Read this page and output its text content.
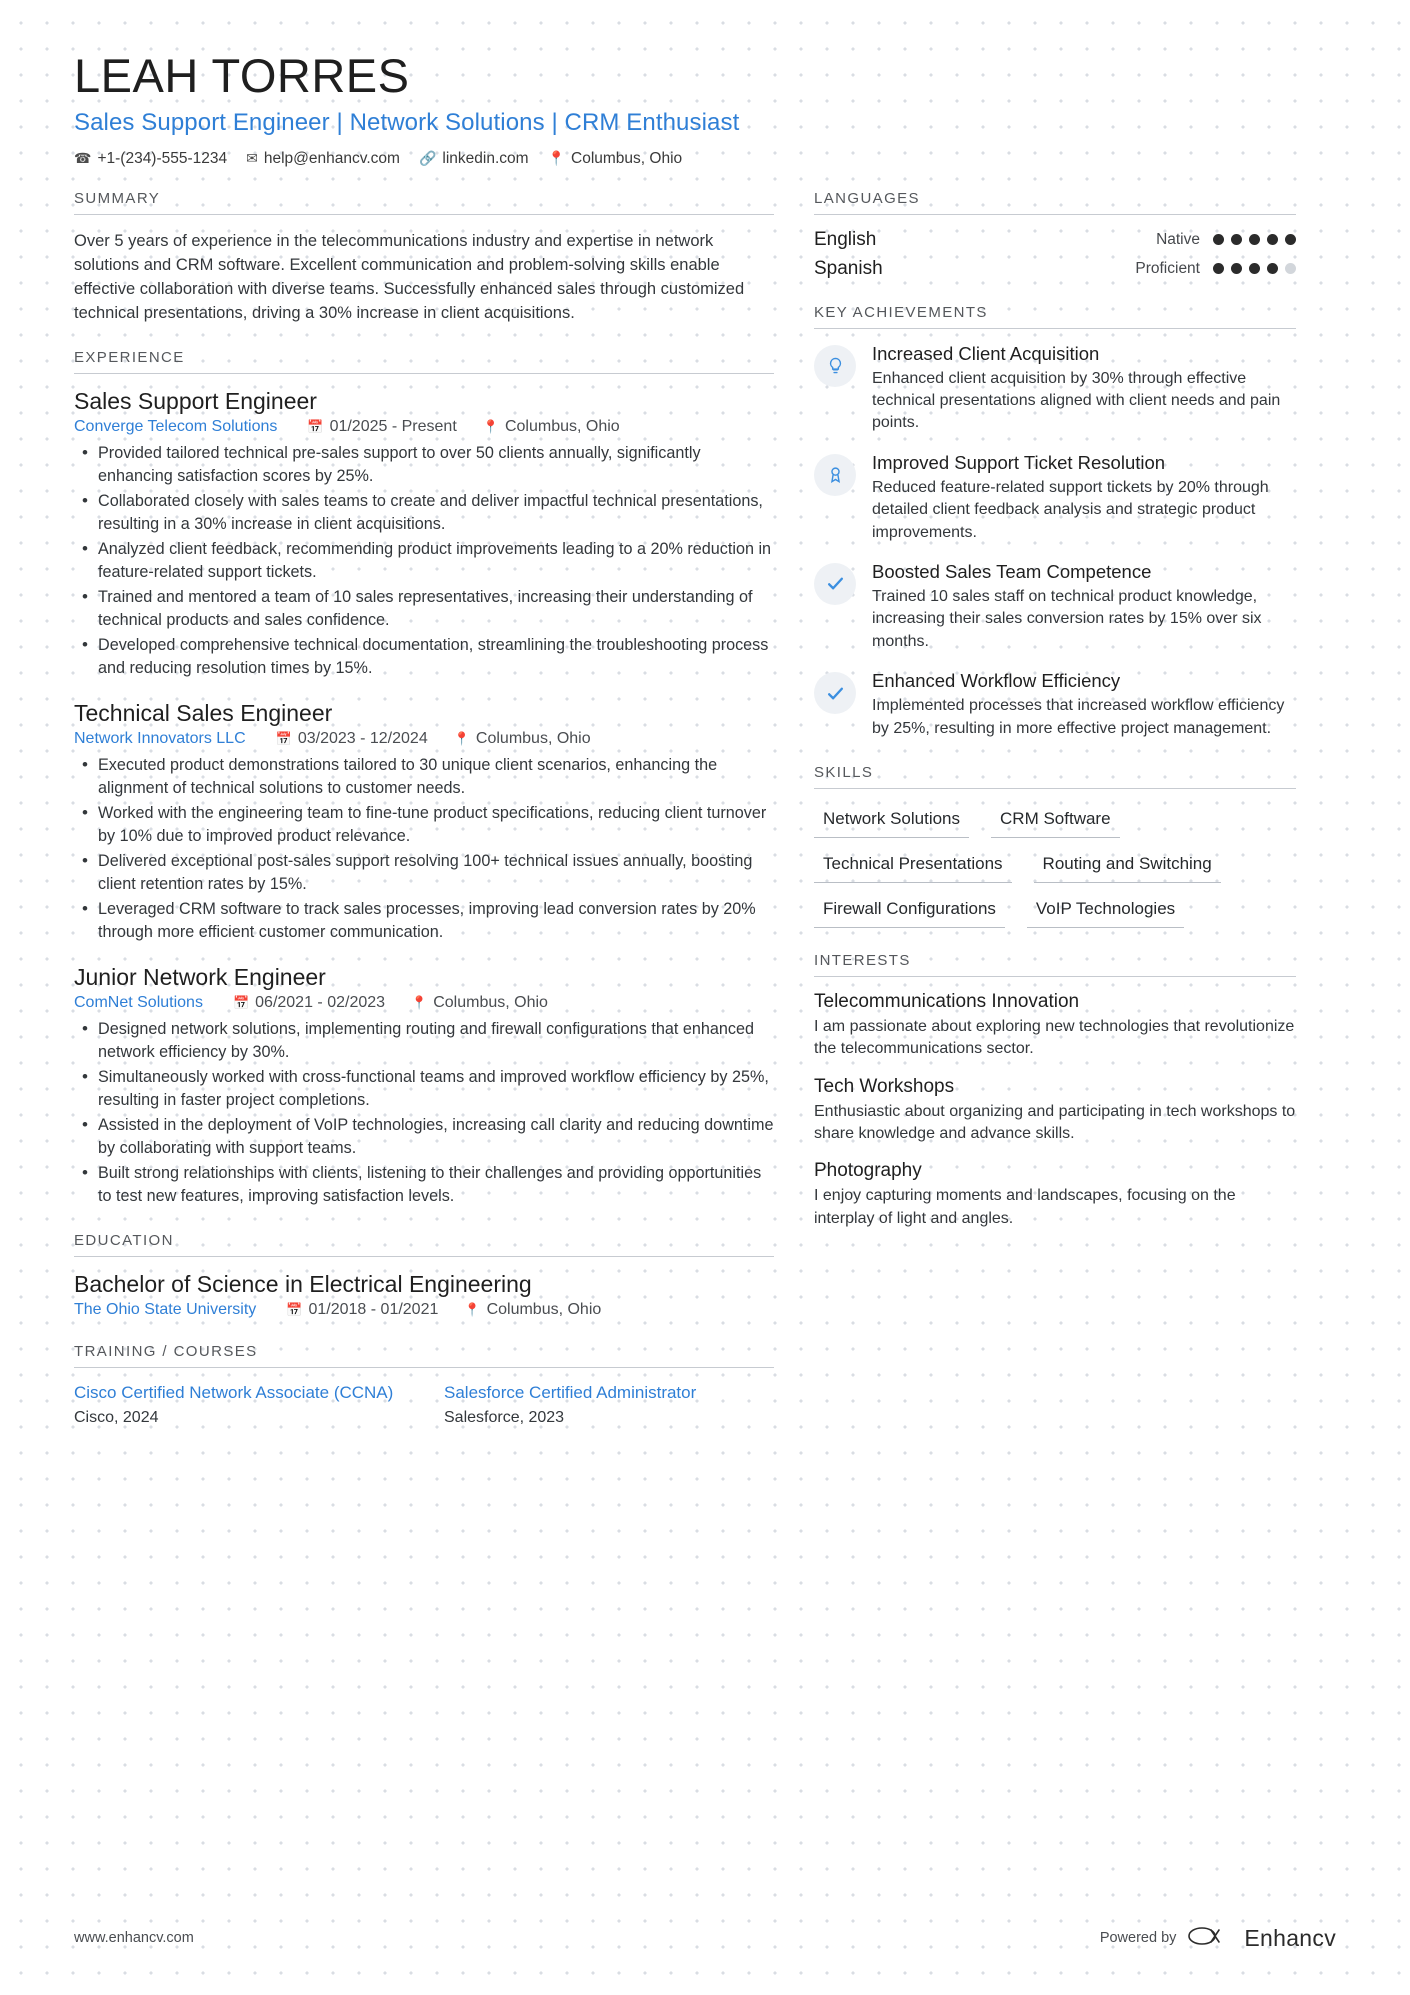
LEAH TORRES
Sales Support Engineer | Network Solutions | CRM Enthusiast
☎ +1-(234)-555-1234 ✉ help@enhancv.com 🔗 linkedin.com 📍 Columbus, Ohio
SUMMARY
Over 5 years of experience in the telecommunications industry and expertise in network solutions and CRM software. Excellent communication and problem-solving skills enable effective collaboration with diverse teams. Successfully enhanced sales through customized technical presentations, driving a 30% increase in client acquisitions.
EXPERIENCE
Sales Support Engineer
Converge Telecom Solutions 📅 01/2025 - Present 📍 Columbus, Ohio
• Provided tailored technical pre-sales support to over 50 clients annually, significantly enhancing satisfaction scores by 25%.
• Collaborated closely with sales teams to create and deliver impactful technical presentations, resulting in a 30% increase in client acquisitions.
• Analyzed client feedback, recommending product improvements leading to a 20% reduction in feature-related support tickets.
• Trained and mentored a team of 10 sales representatives, increasing their understanding of technical products and sales confidence.
• Developed comprehensive technical documentation, streamlining the troubleshooting process and reducing resolution times by 15%.
Technical Sales Engineer
Network Innovators LLC 📅 03/2023 - 12/2024 📍 Columbus, Ohio
• Executed product demonstrations tailored to 30 unique client scenarios, enhancing the alignment of technical solutions to customer needs.
• Worked with the engineering team to fine-tune product specifications, reducing client turnover by 10% due to improved product relevance.
• Delivered exceptional post-sales support resolving 100+ technical issues annually, boosting client retention rates by 15%.
• Leveraged CRM software to track sales processes, improving lead conversion rates by 20% through more efficient customer communication.
Junior Network Engineer
ComNet Solutions 📅 06/2021 - 02/2023 📍 Columbus, Ohio
• Designed network solutions, implementing routing and firewall configurations that enhanced network efficiency by 30%.
• Simultaneously worked with cross-functional teams and improved workflow efficiency by 25%, resulting in faster project completions.
• Assisted in the deployment of VoIP technologies, increasing call clarity and reducing downtime by collaborating with support teams.
• Built strong relationships with clients, listening to their challenges and providing opportunities to test new features, improving satisfaction levels.
EDUCATION
Bachelor of Science in Electrical Engineering
The Ohio State University 📅 01/2018 - 01/2021 📍 Columbus, Ohio
TRAINING / COURSES
Cisco Certified Network Associate (CCNA)
Cisco, 2024
Salesforce Certified Administrator
Salesforce, 2023
LANGUAGES
English	Native
Spanish	Proficient
KEY ACHIEVEMENTS
Increased Client Acquisition
Enhanced client acquisition by 30% through effective technical presentations aligned with client needs and pain points.
Improved Support Ticket Resolution
Reduced feature-related support tickets by 20% through detailed client feedback analysis and strategic product improvements.
Boosted Sales Team Competence
Trained 10 sales staff on technical product knowledge, increasing their sales conversion rates by 15% over six months.
Enhanced Workflow Efficiency
Implemented processes that increased workflow efficiency by 25%, resulting in more effective project management.
SKILLS
Network Solutions	CRM Software
Technical Presentations	Routing and Switching
Firewall Configurations	VoIP Technologies
INTERESTS
Telecommunications Innovation
I am passionate about exploring new technologies that revolutionize the telecommunications sector.
Tech Workshops
Enthusiastic about organizing and participating in tech workshops to share knowledge and advance skills.
Photography
I enjoy capturing moments and landscapes, focusing on the interplay of light and angles.
www.enhancv.com	Powered by	Enhancv
